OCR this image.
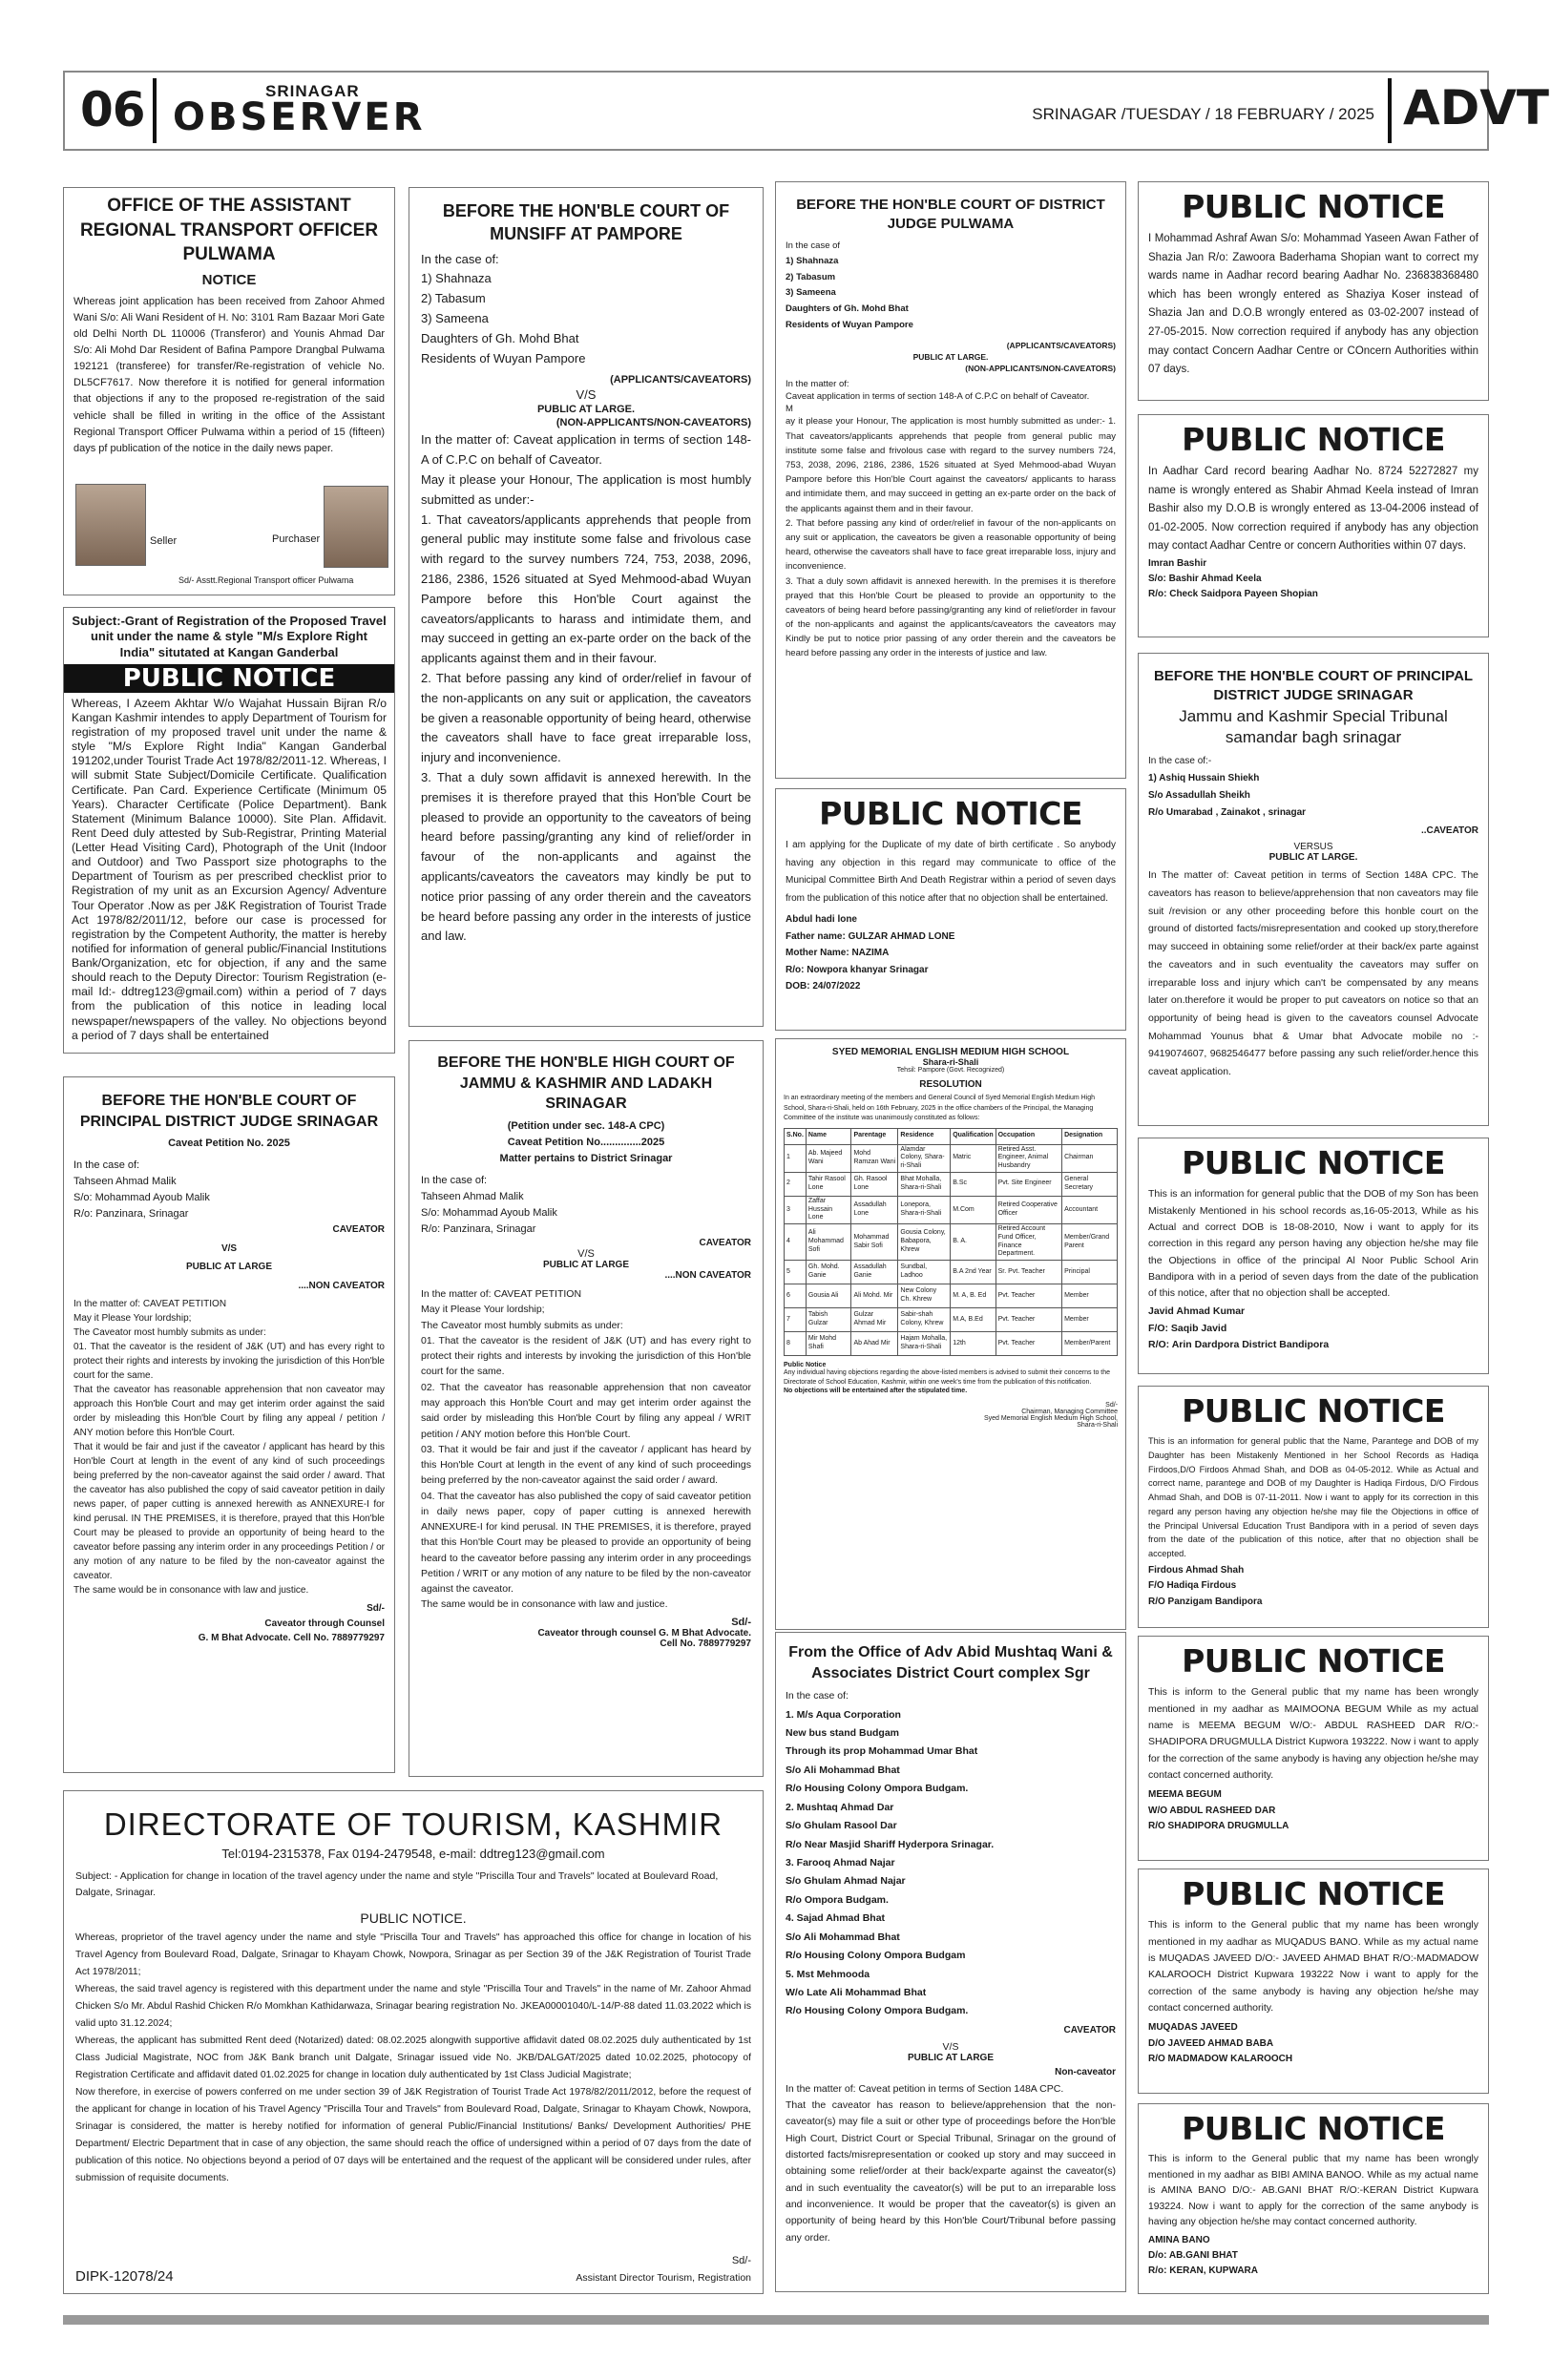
06	SRINAGAR
OBSERVER	SRINAGAR /TUESDAY / 18 FEBRUARY / 2025 ADVT
OFFICE OF THE ASSISTANT REGIONAL TRANSPORT OFFICER PULWAMA
NOTICE

Whereas joint application has been received from Zahoor Ahmed Wani S/o: Ali Wani Resident of H. No: 3101 Ram Bazaar Mori Gate old Delhi North DL 110006 (Transferor) and Younis Ahmad Dar S/o: Ali Mohd Dar Resident of Bafina Pampore Drangbal Pulwama 192121 (transferee) for transfer/Re-registration of vehicle No. DL5CF7617. Now therefore it is notified for general information that objections if any to the proposed re-registration of the said vehicle shall be filled in writing in the office of the Assistant Regional Transport Officer Pulwama within a period of 15 (fifteen) days pf publication of the notice in the daily news paper.

Seller	Purchaser
Sd/- Asstt.Regional Transport officer Pulwama
Subject:-Grant of Registration of the Proposed Travel unit under the name & style "M/s Explore Right India" situtated at Kangan Ganderbal
PUBLIC NOTICE

Whereas, I Azeem Akhtar W/o Wajahat Hussain Bijran R/o Kangan Kashmir intendes to apply Department of Tourism for registration of my proposed travel unit under the name & style "M/s Explore Right India" Kangan Ganderbal 191202,under Tourist Trade Act 1978/82/2011-12. Whereas, I will submit State Subject/Domicile Certificate. Qualification Certificate. Pan Card. Experience Certificate (Minimum 05 Years). Character Certificate (Police Department). Bank Statement (Minimum Balance 10000). Site Plan. Affidavit. Rent Deed duly attested by Sub-Registrar, Printing Material (Letter Head Visiting Card), Photograph of the Unit (Indoor and Outdoor) and Two Passport size photographs to the Department of Tourism as per prescribed checklist prior to Registration of my unit as an Excursion Agency/ Adventure Tour Operator .Now as per J&K Registration of Tourist Trade Act 1978/82/2011/12, before our case is processed for registration by the Competent Authority, the matter is hereby notified for information of general public/Financial Institutions Bank/Organization, etc for objection, if any and the same should reach to the Deputy Director: Tourism Registration (e-mail Id:- ddtreg123@gmail.com) within a period of 7 days from the publication of this notice in leading local newspaper/newspapers of the valley. No objections beyond a period of 7 days shall be entertained

BEFORE THE HON'BLE COURT OF PRINCIPAL DISTRICT JUDGE SRINAGAR
Caveat Petition No. 2025

In the case of:

Tahseen Ahmad Malik

S/o: Mohammad Ayoub Malik

R/o: Panzinara, Srinagar

CAVEATOR

V/S

PUBLIC AT LARGE

....NON CAVEATOR

In the matter of: CAVEAT PETITION

May it Please Your lordship;

The Caveator most humbly submits as under:

01. That the caveator is the resident of J&K (UT) and has every right to protect their rights and interests by invoking the jurisdiction of this Hon'ble court for the same.

That the caveator has reasonable apprehension that non caveator may approach this Hon'ble Court and may get interim order against the said order by misleading this Hon'ble Court by filing any appeal / petition / ANY motion before this Hon'ble Court.

That it would be fair and just if the caveator / applicant has heard by this Hon'ble Court at length in the event of any kind of such proceedings being preferred by the non-caveator against the said order / award. That the caveator has also published the copy of said caveator petition in daily news paper, of paper cutting is annexed herewith as ANNEXURE-I for kind perusal. IN THE PREMISES, it is therefore, prayed that this Hon'ble Court may be pleased to provide an opportunity of being heard to the caveator before passing any interim order in any proceedings Petition / or any motion of any nature to be filed by the non-caveator against the caveator.

The same would be in consonance with law and justice.

Sd/-

Caveator through Counsel

G. M Bhat Advocate. Cell No. 7889779297

BEFORE THE HON'BLE COURT OF MUNSIFF AT PAMPORE

In the case of:

1) Shahnaza

2) Tabasum

3) Sameena

Daughters of Gh. Mohd Bhat

Residents of Wuyan Pampore

(APPLICANTS/CAVEATORS)

V/S

PUBLIC AT LARGE.

(NON-APPLICANTS/NON-CAVEATORS)

In the matter of: Caveat application in terms of section 148-A of C.P.C on behalf of Caveator.

May it please your Honour, The application is most humbly submitted as under:-

1. That caveators/applicants apprehends that people from general public may institute some false and frivolous case with regard to the survey numbers 724, 753, 2038, 2096, 2186, 2386, 1526 situated at Syed Mehmood-abad Wuyan Pampore before this Hon'ble Court against the caveators/applicants to harass and intimidate them, and may succeed in getting an ex-parte order on the back of the applicants against them and in their favour.

2. That before passing any kind of order/relief in favour of the non-applicants on any suit or application, the caveators be given a reasonable opportunity of being heard, otherwise the caveators shall have to face great irreparable loss, injury and inconvenience.

3. That a duly sown affidavit is annexed herewith. In the premises it is therefore prayed that this Hon'ble Court be pleased to provide an opportunity to the caveators of being heard before passing/granting any kind of relief/order in favour of the non-applicants and against the applicants/caveators the caveators may kindly be put to notice prior passing of any order therein and the caveators be heard before passing any order in the interests of justice and law.

BEFORE THE HON'BLE HIGH COURT OF JAMMU & KASHMIR AND LADAKH SRINAGAR

(Petition under sec. 148-A CPC)

Caveat Petition No..............2025

Matter pertains to District Srinagar

In the case of:

Tahseen Ahmad Malik

S/o: Mohammad Ayoub Malik

R/o: Panzinara, Srinagar

CAVEATOR

V/S

PUBLIC AT LARGE

....NON CAVEATOR

In the matter of: CAVEAT PETITION

May it Please Your lordship;

The Caveator most humbly submits as under:

01. That the caveator is the resident of J&K (UT) and has every right to protect their rights and interests by invoking the jurisdiction of this Hon'ble court for the same.

02. That the caveator has reasonable apprehension that non caveator may approach this Hon'ble Court and may get interim order against the said order by misleading this Hon'ble Court by filing any appeal / WRIT petition / ANY motion before this Hon'ble Court.

03. That it would be fair and just if the caveator / applicant has heard by this Hon'ble Court at length in the event of any kind of such proceedings being preferred by the non-caveator against the said order / award.

04. That the caveator has also published the copy of said caveator petition in daily news paper, copy of paper cutting is annexed herewith ANNEXURE-I for kind perusal. IN THE PREMISES, it is therefore, prayed that this Hon'ble Court may be pleased to provide an opportunity of being heard to the caveator before passing any interim order in any proceedings Petition / WRIT or any motion of any nature to be filed by the non-caveator against the caveator.

The same would be in consonance with law and justice.

Sd/-

Caveator through counsel G. M Bhat Advocate.

Cell No. 7889779297

BEFORE THE HON'BLE COURT OF DISTRICT JUDGE PULWAMA

In the case of

1) Shahnaza

2) Tabasum

3) Sameena

Daughters of Gh. Mohd Bhat

Residents of Wuyan Pampore

(APPLICANTS/CAVEATORS)

PUBLIC AT LARGE.

(NON-APPLICANTS/NON-CAVEATORS)

In the matter of:

Caveat application in terms of section 148-A of C.P.C on behalf of Caveator.

M

ay it please your Honour, The application is most humbly submitted as under:- 1. That caveators/applicants apprehends that people from general public may institute some false and frivolous case with regard to the survey numbers 724, 753, 2038, 2096, 2186, 2386, 1526 situated at Syed Mehmood-abad Wuyan Pampore before this Hon'ble Court against the caveators/ applicants to harass and intimidate them, and may succeed in getting an ex-parte order on the back of the applicants against them and in their favour.

2. That before passing any kind of order/relief in favour of the non-applicants on any suit or application, the caveators be given a reasonable opportunity of being heard, otherwise the caveators shall have to face great irreparable loss, injury and inconvenience.

3. That a duly sown affidavit is annexed herewith. In the premises it is therefore prayed that this Hon'ble Court be pleased to provide an opportunity to the caveators of being heard before passing/granting any kind of relief/order in favour of the non-applicants and against the applicants/caveators the caveators may Kindly be put to notice prior passing of any order therein and the caveators be heard before passing any order in the interests of justice and law.

PUBLIC NOTICE

I am applying for the Duplicate of my date of birth certificate . So anybody having any objection in this regard may communicate to office of the Municipal Committee Birth And Death Registrar within a period of seven days from the publication of this notice after that no objection shall be entertained.

Abdul hadi lone

Father name: GULZAR AHMAD LONE

Mother Name: NAZIMA

R/o: Nowpora khanyar Srinagar

DOB: 24/07/2022

SYED MEMORIAL ENGLISH MEDIUM HIGH SCHOOL
Shara-ri-Shali
Tehsil: Pampore (Govt. Recognized)
RESOLUTION

In an extraordinary meeting of the members and General Council of Syed Memorial English Medium High School, Shara-ri-Shali, held on 16th February, 2025 in the office chambers of the Principal, the Managing Committee of the institute was unanimously constituted as follows:

S.No.	Name	Parentage	Residence	Qualification	Occupation	Designation
1	Ab. Majeed Wani	Mohd Ramzan Wani	Alamdar Colony, Shara-ri-Shali	Matric	Retired Asst. Engineer, Animal Husbandry	Chairman
2	Tahir Rasool Lone	Gh. Rasool Lone	Bhat Mohalla, Shara-ri-Shali	B.Sc	Pvt. Site Engineer	General Secretary
3	Zaffar Hussain Lone	Assadullah Lone	Lonepora, Shara-ri-Shali	M.Com	Retired Cooperative Officer	Accountant
4	Ali Mohammad Sofi	Mohammad Sabir Sofi	Gousia Colony, Babapora, Khrew	B. A.	Retired Account Fund Officer, Finance Department.	Member/Grand Parent
5	Gh. Mohd. Ganie	Assadullah Ganie	Sundbal, Ladhoo	B.A 2nd Year	Sr. Pvt. Teacher	Principal
6	Gousia Ali	Ali Mohd. Mir	New Colony Ch. Khrew	M. A, B. Ed	Pvt. Teacher	Member
7	Tabish Gulzar	Gulzar Ahmad Mir	Sabir-shah Colony, Khrew	M.A, B.Ed	Pvt. Teacher	Member
8	Mir Mohd Shafi	Ab Ahad Mir	Hajam Mohalla, Shara-ri-Shali	12th	Pvt. Teacher	Member/Parent

Public Notice

Any individual having objections regarding the above-listed members is advised to submit their concerns to the Directorate of School Education, Kashmir, within one week's time from the publication of this notification.

No objections will be entertained after the stipulated time.

Sd/-

Chairman, Managing Committee

Syed Memorial English Medium High School,

Shara-ri-Shali

From the Office of Adv Abid Mushtaq Wani & Associates District Court complex Sgr

In the case of:

1. M/s Aqua Corporation

New bus stand Budgam

Through its prop Mohammad Umar Bhat

S/o Ali Mohammad Bhat

R/o Housing Colony Ompora Budgam.

2. Mushtaq Ahmad Dar

S/o Ghulam Rasool Dar

R/o Near Masjid Shariff Hyderpora Srinagar.

3. Farooq Ahmad Najar

S/o Ghulam Ahmad Najar

R/o Ompora Budgam.

4. Sajad Ahmad Bhat

S/o Ali Mohammad Bhat

R/o Housing Colony Ompora Budgam

5. Mst Mehmooda

W/o Late Ali Mohammad Bhat

R/o Housing Colony Ompora Budgam.

CAVEATOR

V/S

PUBLIC AT LARGE

Non-caveator

In the matter of: Caveat petition in terms of Section 148A CPC.

That the caveator has reason to believe/apprehension that the non-caveator(s) may file a suit or other type of proceedings before the Hon'ble High Court, District Court or Special Tribunal, Srinagar on the ground of distorted facts/misrepresentation or cooked up story and may succeed in obtaining some relief/order at their back/exparte against the caveator(s) and in such eventuality the caveator(s) will be put to an irreparable loss and inconvenience. It would be proper that the caveator(s) is given an opportunity of being heard by this Hon'ble Court/Tribunal before passing any order.

DIRECTORATE OF TOURISM, KASHMIR
Tel:0194-2315378, Fax 0194-2479548, e-mail: ddtreg123@gmail.com

Subject: - Application for change in location of the travel agency under the name and style "Priscilla Tour and Travels" located at Boulevard Road, Dalgate, Srinagar.

PUBLIC NOTICE.

Whereas, proprietor of the travel agency under the name and style "Priscilla Tour and Travels" has approached this office for change in location of his Travel Agency from Boulevard Road, Dalgate, Srinagar to Khayam Chowk, Nowpora, Srinagar as per Section 39 of the J&K Registration of Tourist Trade Act 1978/2011;

Whereas, the said travel agency is registered with this department under the name and style "Priscilla Tour and Travels" in the name of Mr. Zahoor Ahmad Chicken S/o Mr. Abdul Rashid Chicken R/o Momkhan Kathidarwaza, Srinagar bearing registration No. JKEA00001040/L-14/P-88 dated 11.03.2022 which is valid upto 31.12.2024;

Whereas, the applicant has submitted Rent deed (Notarized) dated: 08.02.2025 alongwith supportive affidavit dated 08.02.2025 duly authenticated by 1st Class Judicial Magistrate, NOC from J&K Bank branch unit Dalgate, Srinagar issued vide No. JKB/DALGAT/2025 dated 10.02.2025, photocopy of Registration Certificate and affidavit dated 01.02.2025 for change in location duly authenticated by 1st Class Judicial Magistrate;

Now therefore, in exercise of powers conferred on me under section 39 of J&K Registration of Tourist Trade Act 1978/82/2011/2012, before the request of the applicant for change in location of his Travel Agency "Priscilla Tour and Travels" from Boulevard Road, Dalgate, Srinagar to Khayam Chowk, Nowpora, Srinagar is considered, the matter is hereby notified for information of general Public/Financial Institutions/ Banks/ Development Authorities/ PHE Department/ Electric Department that in case of any objection, the same should reach the office of undersigned within a period of 07 days from the date of publication of this notice. No objections beyond a period of 07 days will be entertained and the request of the applicant will be considered under rules, after submission of requisite documents.

Sd/-
DIPK-12078/24	Assistant Director Tourism, Registration
PUBLIC NOTICE

I Mohammad Ashraf Awan S/o: Mohammad Yaseen Awan Father of Shazia Jan R/o: Zawoora Baderhama Shopian want to correct my wards name in Aadhar record bearing Aadhar No. 236838368480 which has been wrongly entered as Shaziya Koser instead of Shazia Jan and D.O.B wrongly entered as 03-02-2007 instead of 27-05-2015. Now correction required if anybody has any objection may contact Concern Aadhar Centre or COncern Authorities within 07 days.

PUBLIC NOTICE

In Aadhar Card record bearing Aadhar No. 8724 52272827 my name is wrongly entered as Shabir Ahmad Keela instead of Imran Bashir also my D.O.B is wrongly entered as 13-04-2006 instead of 01-02-2005. Now correction required if anybody has any objection may contact Aadhar Centre or concern Authorities within 07 days.

Imran Bashir

S/o: Bashir Ahmad Keela

R/o: Check Saidpora Payeen Shopian

BEFORE THE HON'BLE COURT OF PRINCIPAL DISTRICT JUDGE SRINAGAR
Jammu and Kashmir Special Tribunal samandar bagh srinagar

In the case of:-

1) Ashiq Hussain Shiekh

S/o Assadullah Sheikh

R/o Umarabad , Zainakot , srinagar

..CAVEATOR

VERSUS

PUBLIC AT LARGE.

In The matter of: Caveat petition in terms of Section 148A CPC. The caveators has reason to believe/apprehension that non caveators may file suit /revision or any other proceeding before this honble court on the ground of distorted facts/misrepresentation and cooked up story,therefore may succeed in obtaining some relief/order at their back/ex parte against the caveators and in such eventuality the caveators may suffer on irreparable loss and injury which can't be compensated by any means later on.therefore it would be proper to put caveators on notice so that an opportunity of being head is given to the caveators counsel Advocate Mohammad Younus bhat & Umar bhat Advocate mobile no :- 9419074607, 9682546477 before passing any such relief/order.hence this caveat application.

PUBLIC NOTICE

This is an information for general public that the DOB of my Son has been Mistakenly Mentioned in his school records as,16-05-2013, While as his Actual and correct DOB is 18-08-2010, Now i want to apply for its correction in this regard any person having any objection he/she may file the Objections in office of the principal Al Noor Public School Arin Bandipora with in a period of seven days from the date of the publication of this notice, after that no objection shall be accepted.

Javid Ahmad Kumar

F/O: Saqib Javid

R/O: Arin Dardpora District Bandipora

PUBLIC NOTICE

This is an information for general public that the Name, Parantege and DOB of my Daughter has been Mistakenly Mentioned in her School Records as Hadiqa Firdoos,D/O Firdoos Ahmad Shah, and DOB as 04-05-2012. While as Actual and correct name, parantege and DOB of my Daughter is Hadiqa Firdous, D/O Firdous Ahmad Shah, and DOB is 07-11-2011. Now i want to apply for its correction in this regard any person having any objection he/she may file the Objections in office of the Principal Universal Education Trust Bandipora with in a period of seven days from the date of the publication of this notice, after that no objection shall be accepted.

Firdous Ahmad Shah

F/O Hadiqa Firdous

R/O Panzigam Bandipora

PUBLIC NOTICE

This is inform to the General public that my name has been wrongly mentioned in my aadhar as MAIMOONA BEGUM While as my actual name is MEEMA BEGUM W/O:- ABDUL RASHEED DAR R/O:-SHADIPORA DRUGMULLA District Kupwora 193222. Now i want to apply for the correction of the same anybody is having any objection he/she may contact concerned authority.

MEEMA BEGUM

W/O ABDUL RASHEED DAR

R/O SHADIPORA DRUGMULLA

PUBLIC NOTICE

This is inform to the General public that my name has been wrongly mentioned in my aadhar as MUQADUS BANO. While as my actual name is MUQADAS JAVEED D/O:- JAVEED AHMAD BHAT R/O:-MADMADOW KALAROOCH District Kupwara 193222 Now i want to apply for the correction of the same anybody is having any objection he/she may contact concerned authority.

MUQADAS JAVEED

D/O JAVEED AHMAD BABA

R/O MADMADOW KALAROOCH

PUBLIC NOTICE

This is inform to the General public that my name has been wrongly mentioned in my aadhar as BIBI AMINA BANOO. While as my actual name is AMINA BANO D/O:- AB.GANI BHAT R/O:-KERAN District Kupwara 193224. Now i want to apply for the correction of the same anybody is having any objection he/she may contact concerned authority.

AMINA BANO

D/o: AB.GANI BHAT

R/o: KERAN, KUPWARA
